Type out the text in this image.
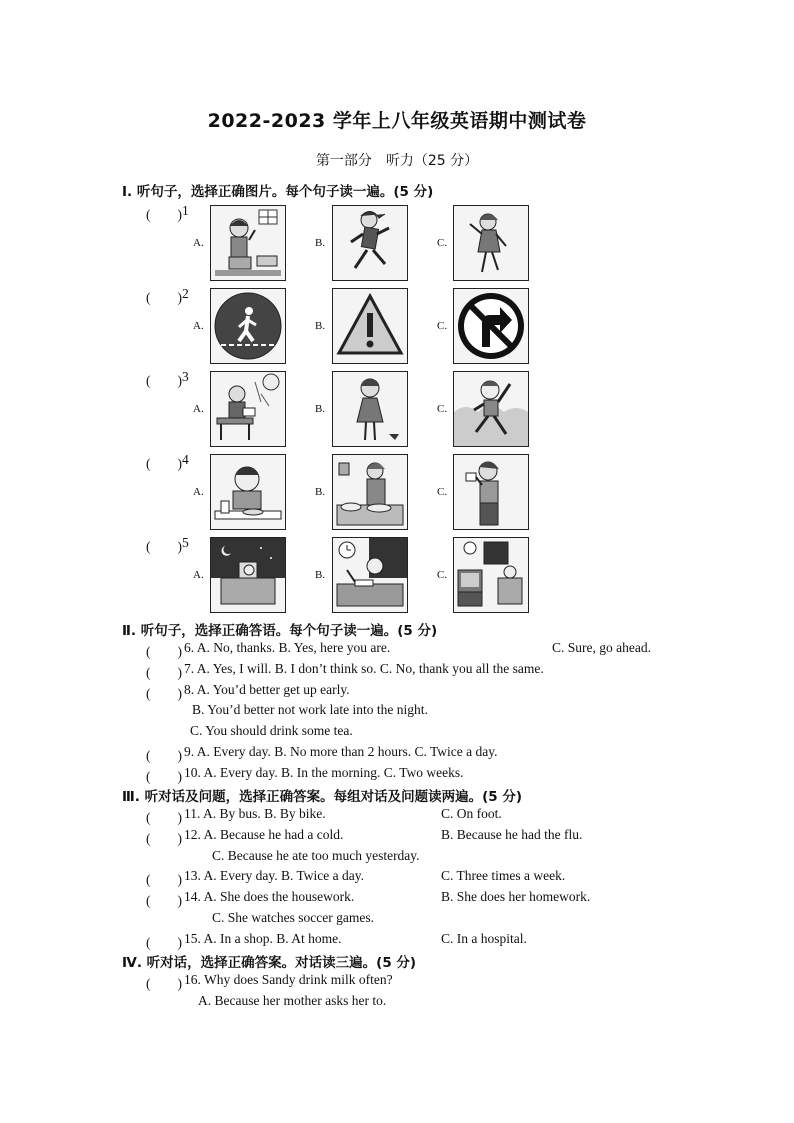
2022-2023 学年上八年级英语期中测试卷
第一部分　听力（25 分）
Ⅰ. 听句子，选择正确图片。每个句子读一遍。(5 分)
(　　) 1
A.	B.	C.
(　　) 2
A.	B.	C.
(　　) 3
A.	B.	C.
(　　) 4
A.	B.	C.
(　　) 5
A.	B.	C.
Ⅱ. 听句子，选择正确答语。每个句子读一遍。(5 分)
(　　) 6. A. No, thanks. B. Yes, here you are.	C. Sure, go ahead.
(　　) 7. A. Yes, I will. B. I don’t think so. C. No, thank you all the same.
(　　) 8. A. You’d better get up early.
B. You’d better not work late into the night.
C. You should drink some tea.
(　　) 9. A. Every day. B. No more than 2 hours. C. Twice a day.
(　　) 10. A. Every day. B. In the morning. C. Two weeks.
Ⅲ. 听对话及问题，选择正确答案。每组对话及问题读两遍。(5 分)
(　　) 11. A. By bus. B. By bike.	C. On foot.
(　　) 12. A. Because he had a cold.	B. Because he had the flu.
C. Because he ate too much yesterday.
(　　) 13. A. Every day. B. Twice a day.	C. Three times a week.
(　　) 14. A. She does the housework.	B. She does her homework.
C. She watches soccer games.
(　　) 15. A. In a shop. B. At home.	C. In a hospital.
Ⅳ. 听对话，选择正确答案。对话读三遍。(5 分)
(　　) 16. Why does Sandy drink milk often?
A. Because her mother asks her to.
